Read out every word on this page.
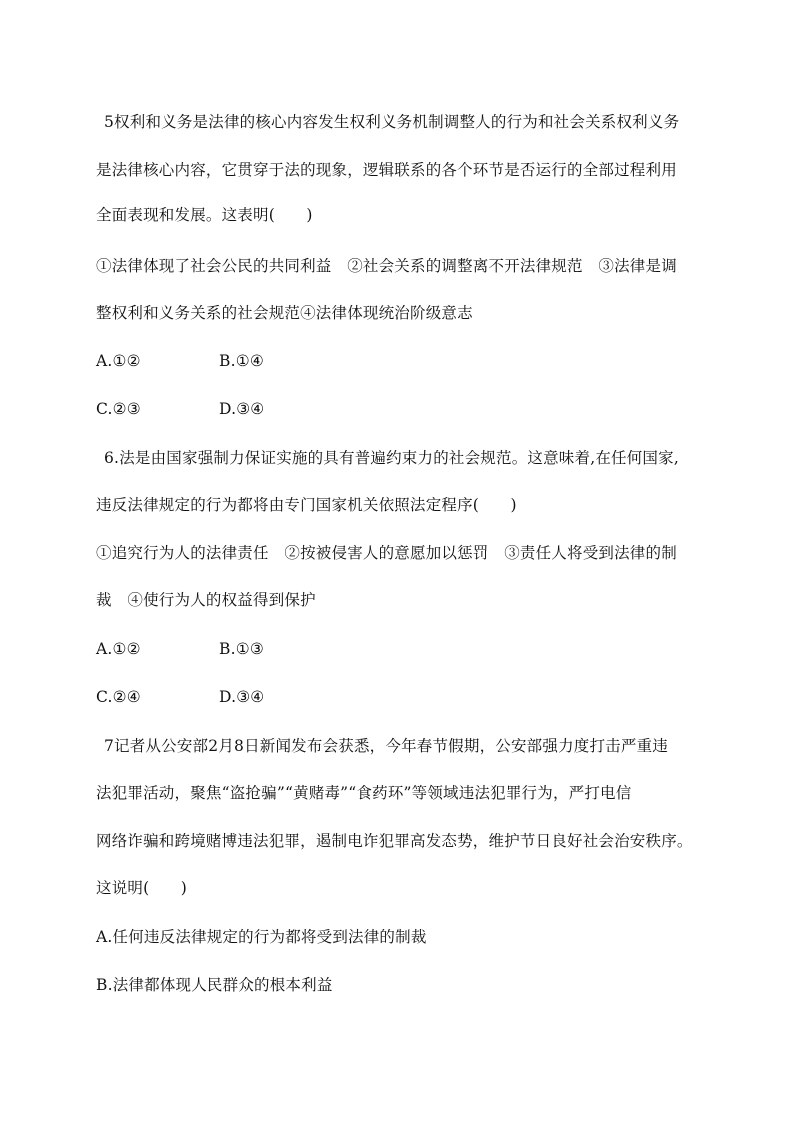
5权利和义务是法律的核心内容发生权利义务机制调整人的行为和社会关系权利义务
是法律核心内容，它贯穿于法的现象，逻辑联系的各个环节是否运行的全部过程利用
全面表现和发展。这表明(　　)
①法律体现了社会公民的共同利益　②社会关系的调整离不开法律规范　③法律是调
整权利和义务关系的社会规范④法律体现统治阶级意志
A.①②	B.①④
C.②③	D.③④
6.法是由国家强制力保证实施的具有普遍约束力的社会规范。这意味着,在任何国家,
违反法律规定的行为都将由专门国家机关依照法定程序(　　)
①追究行为人的法律责任　②按被侵害人的意愿加以惩罚　③责任人将受到法律的制
裁　④使行为人的权益得到保护
A.①②	B.①③
C.②④	D.③④
7记者从公安部2月8日新闻发布会获悉，今年春节假期，公安部强力度打击严重违
法犯罪活动，聚焦“盗抢骗”“黄赌毒”“食药环”等领域违法犯罪行为，严打电信
网络诈骗和跨境赌博违法犯罪，遏制电诈犯罪高发态势，维护节日良好社会治安秩序。
这说明(　　)
A.任何违反法律规定的行为都将受到法律的制裁
B.法律都体现人民群众的根本利益
